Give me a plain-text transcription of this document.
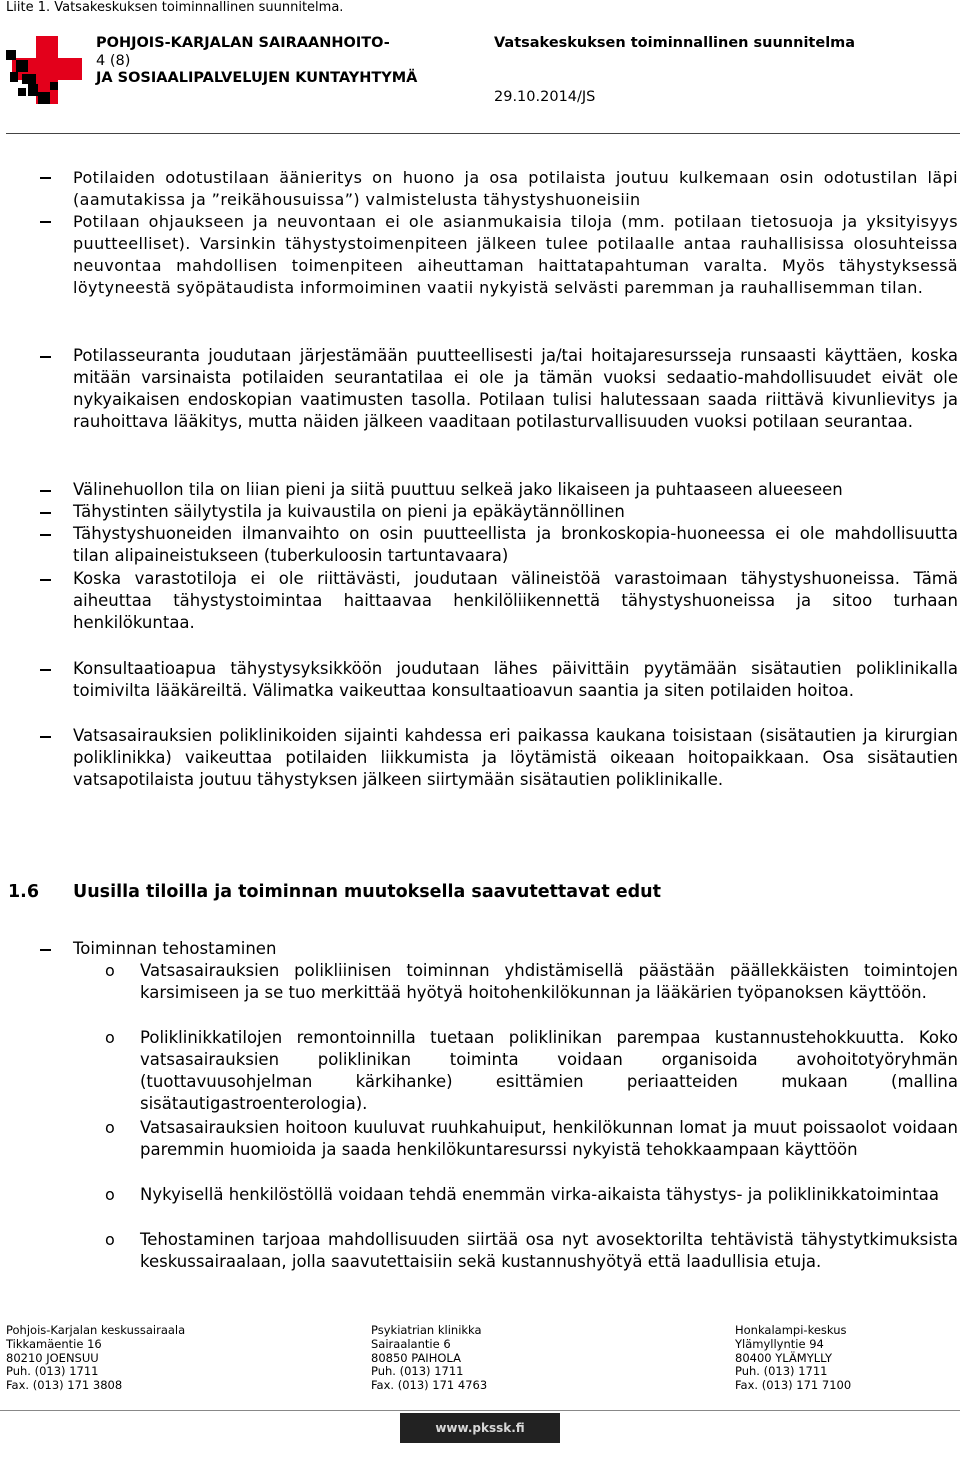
Liite 1. Vatsakeskuksen toiminnallinen suunnitelma.
POHJOIS-KARJALAN SAIRAANHOITO-
4 (8)
JA SOSIAALIPALVELUJEN KUNTAYHTYMÄ
Vatsakeskuksen toiminnallinen suunnitelma
29.10.2014/JS
Potilaiden odotustilaan äänieritys on huono ja osa potilaista joutuu kulkemaan osin odotustilan läpi (aamutakissa ja ”reikähousuissa”) valmistelusta tähystyshuoneisiin
Potilaan ohjaukseen ja neuvontaan ei ole asianmukaisia tiloja (mm. potilaan tietosuoja ja yksityisyys puutteelliset). Varsinkin tähystystoimenpiteen jälkeen tulee potilaalle antaa rauhallisissa olosuhteissa neuvontaa mahdollisen toimenpiteen aiheuttaman haittatapahtuman varalta. Myös tähystyksessä löytyneestä syöpätaudista informoiminen vaatii nykyistä selvästi paremman ja rauhallisemman tilan.
Potilasseuranta joudutaan järjestämään puutteellisesti ja/tai hoitajaresursseja runsaasti käyttäen, koska mitään varsinaista potilaiden seurantatilaa ei ole ja tämän vuoksi sedaatio-mahdollisuudet eivät ole nykyaikaisen endoskopian vaatimusten tasolla. Potilaan tulisi halutessaan saada riittävä kivunlievitys ja rauhoittava lääkitys, mutta näiden jälkeen vaaditaan potilasturvallisuuden vuoksi potilaan seurantaa.
Välinehuollon tila on liian pieni ja siitä puuttuu selkeä jako likaiseen ja puhtaaseen alueeseen
Tähystinten säilytystila ja kuivaustila on pieni ja epäkäytännöllinen
Tähystyshuoneiden ilmanvaihto on osin puutteellista ja bronkoskopia-huoneessa ei ole mahdollisuutta tilan alipaineistukseen (tuberkuloosin tartuntavaara)
Koska varastotiloja ei ole riittävästi, joudutaan välineistöä varastoimaan tähystyshuoneissa. Tämä aiheuttaa tähystystoimintaa haittaavaa henkilöliikennettä tähystyshuoneissa ja sitoo turhaan henkilökuntaa.
Konsultaatioapua tähystysyksikköön joudutaan lähes päivittäin pyytämään sisätautien poliklinikalla toimivilta lääkäreiltä. Välimatka vaikeuttaa konsultaatioavun saantia ja siten potilaiden hoitoa.
Vatsasairauksien poliklinikoiden sijainti kahdessa eri paikassa kaukana toisistaan (sisätautien ja kirurgian poliklinikka) vaikeuttaa potilaiden liikkumista ja löytämistä oikeaan hoitopaikkaan. Osa sisätautien vatsapotilaista joutuu tähystyksen jälkeen siirtymään sisätautien poliklinikalle.
1.6 Uusilla tiloilla ja toiminnan muutoksella saavutettavat edut
Toiminnan tehostaminen
o Vatsasairauksien polikliinisen toiminnan yhdistämisellä päästään päällekkäisten toimintojen karsimiseen ja se tuo merkittää hyötyä hoitohenkilökunnan ja lääkärien työpanoksen käyttöön.
o Poliklinikkatilojen remontoinnilla tuetaan poliklinikan parempaa kustannustehokkuutta. Koko vatsasairauksien poliklinikan toiminta voidaan organisoida avohoitotyöryhmän (tuottavuusohjelman kärkihanke) esittämien periaatteiden mukaan (mallina sisätautigastroenterologia).
o Vatsasairauksien hoitoon kuuluvat ruuhkahuiput, henkilökunnan lomat ja muut poissaolot voidaan paremmin huomioida ja saada henkilökuntaresurssi nykyistä tehokkaampaan käyttöön
o Nykyisellä henkilöstöllä voidaan tehdä enemmän virka-aikaista tähystys- ja poliklinikkatoimintaa
o Tehostaminen tarjoaa mahdollisuuden siirtää osa nyt avosektorilta tehtävistä tähystytkimuksista keskussairaalaan, jolla saavutettaisiin sekä kustannushyötyä että laadullisia etuja.
Pohjois-Karjalan keskussairaala
Tikkamäentie 16
80210 JOENSUU
Puh. (013) 1711
Fax. (013) 171 3808
Psykiatrian klinikka
Sairaalantie 6
80850 PAIHOLA
Puh. (013) 1711
Fax. (013) 171 4763
Honkalampi-keskus
Ylämyllyntie 94
80400 YLÄMYLLY
Puh. (013) 1711
Fax. (013) 171 7100
www.pkssk.fi
